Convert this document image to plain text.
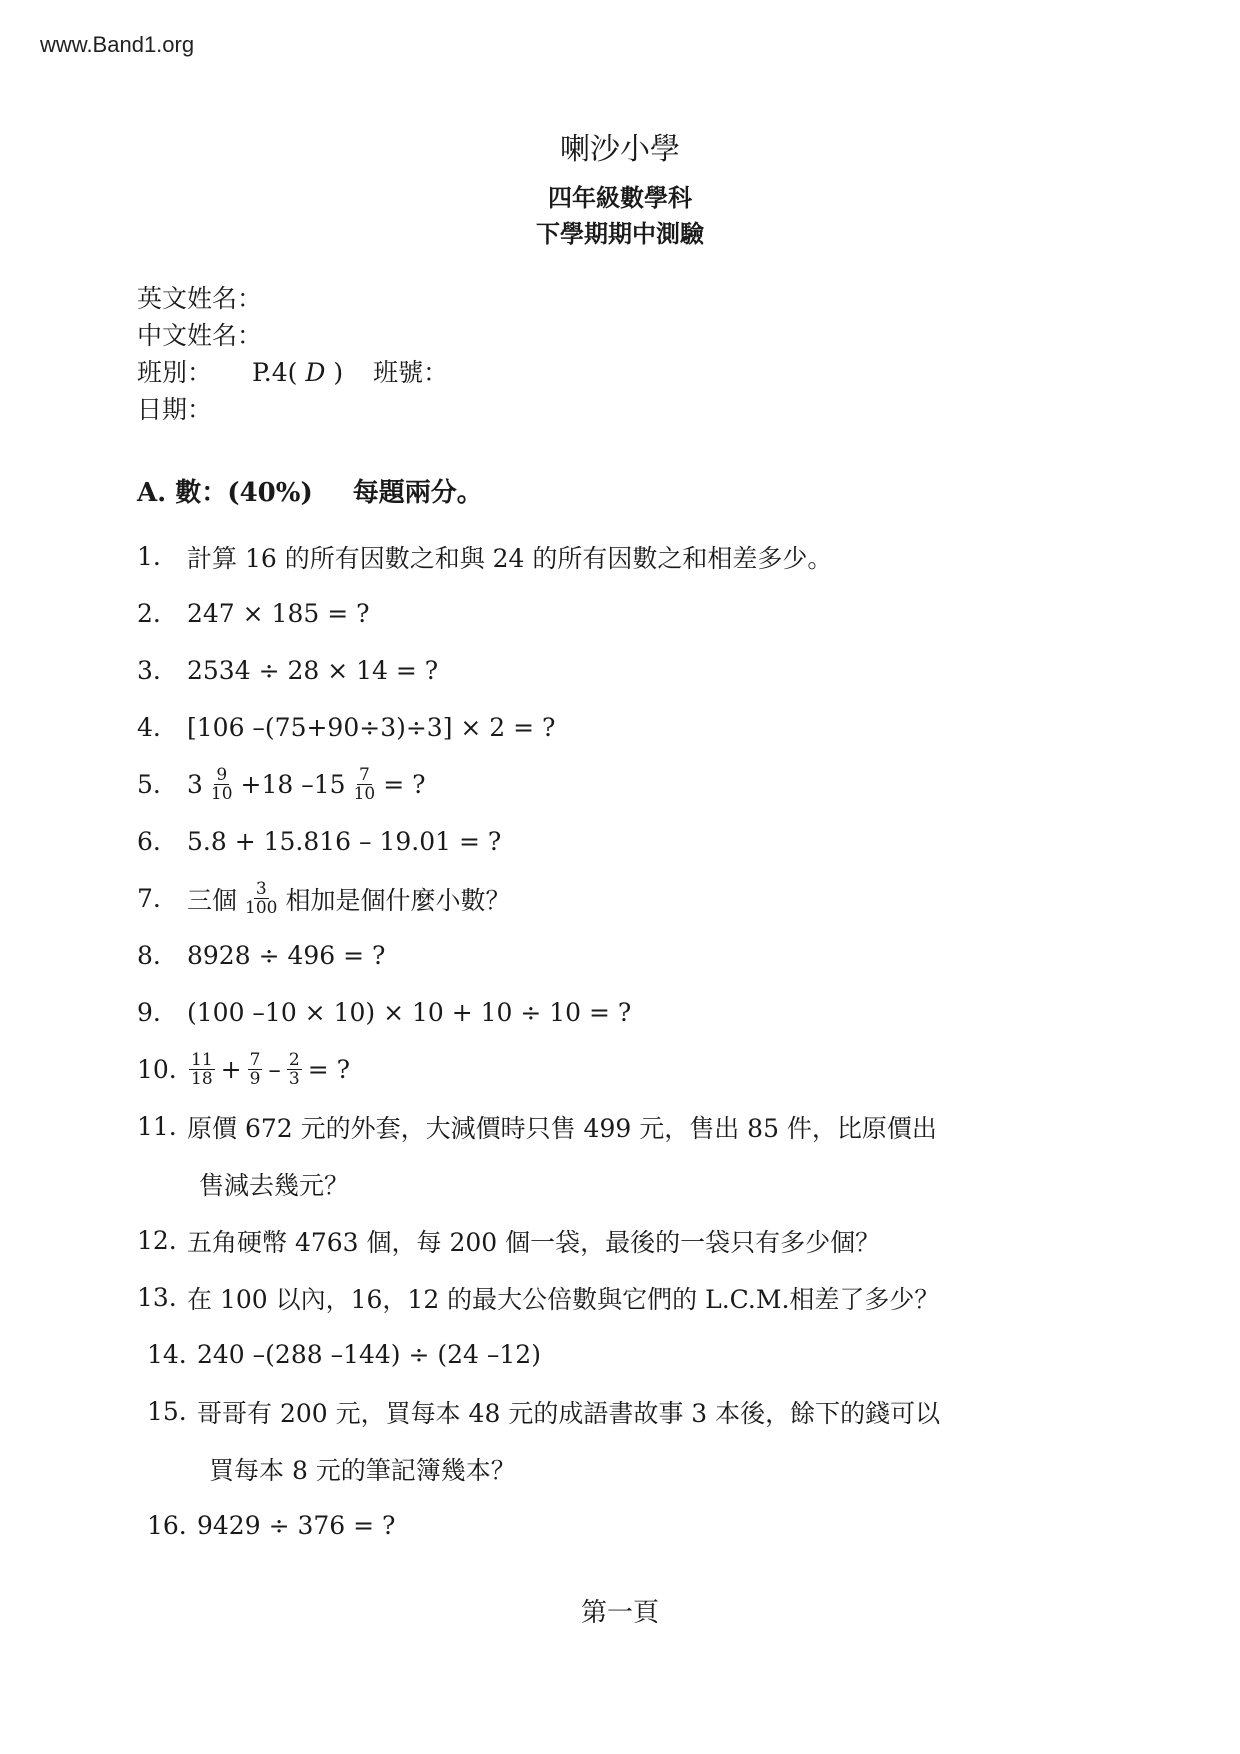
www.Band1.org
喇沙小學
四年級數學科
下學期期中測驗
英文姓名：
中文姓名：
班別： P.4( D ) 班號：
日期：
A. 數：(40%) 每題兩分。
1.	計算 16 的所有因數之和與 24 的所有因數之和相差多少。
2.	247 × 185 = ?
3.	2534 ÷ 28 × 14 = ?
4.	[106 –(75+90÷3)÷3] × 2 = ?
5.	$3 \frac{9}{10} +18$ $-15 \frac{7}{10}$ = ?
6.	5.8 + 15.816 – 19.01 = ?
7.	三個 $\frac{3}{100}$ 相加是個什麼小數？
8.	8928 ÷ 496 = ?
9.	(100 –10 × 10) × 10 + 10 ÷ 10 = ?
10. $\frac{11}{18} + \frac{7}{9} - \frac{2}{3}$ = ?
11. 原價 672 元的外套，大減價時只售 499 元，售出 85 件，比原價出
售減去幾元？
12. 五角硬幣 4763 個，每 200 個一袋，最後的一袋只有多少個？
13. 在 100 以內，16，12 的最大公倍數與它們的 L.C.M.相差了多少？
14. 240 –(288 –144) ÷ (24 –12)
15. 哥哥有 200 元，買每本 48 元的成語書故事 3 本後，餘下的錢可以
買每本 8 元的筆記簿幾本？
16. 9429 ÷ 376 = ?
第一頁
